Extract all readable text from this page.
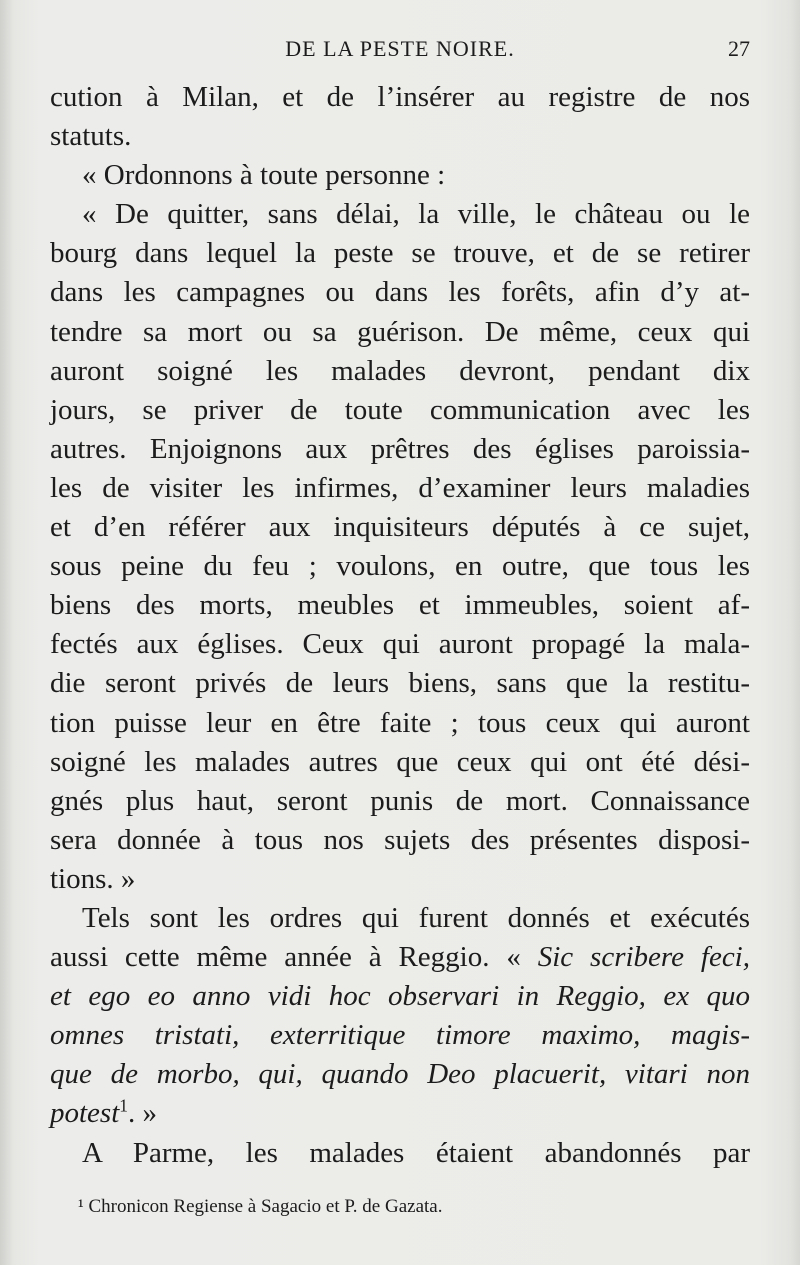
DE LA PESTE NOIRE.	27
cution à Milan, et de l’insérer au registre de nos
statuts.
« Ordonnons à toute personne :
« De quitter, sans délai, la ville, le château ou le
bourg dans lequel la peste se trouve, et de se retirer
dans les campagnes ou dans les forêts, afin d’y at-
tendre sa mort ou sa guérison. De même, ceux qui
auront soigné les malades devront, pendant dix
jours, se priver de toute communication avec les
autres. Enjoignons aux prêtres des églises paroissia-
les de visiter les infirmes, d’examiner leurs maladies
et d’en référer aux inquisiteurs députés à ce sujet,
sous peine du feu ; voulons, en outre, que tous les
biens des morts, meubles et immeubles, soient af-
fectés aux églises. Ceux qui auront propagé la mala-
die seront privés de leurs biens, sans que la restitu-
tion puisse leur en être faite ; tous ceux qui auront
soigné les malades autres que ceux qui ont été dési-
gnés plus haut, seront punis de mort. Connaissance
sera donnée à tous nos sujets des présentes disposi-
tions. »
Tels sont les ordres qui furent donnés et exécutés
aussi cette même année à Reggio. « Sic scribere feci,
et ego eo anno vidi hoc observari in Reggio, ex quo
omnes tristati, exterritique timore maximo, magis-
que de morbo, qui, quando Deo placuerit, vitari non
potest$^1$. »
A Parme, les malades étaient abandonnés par
¹ Chronicon Regiense à Sagacio et P. de Gazata.
